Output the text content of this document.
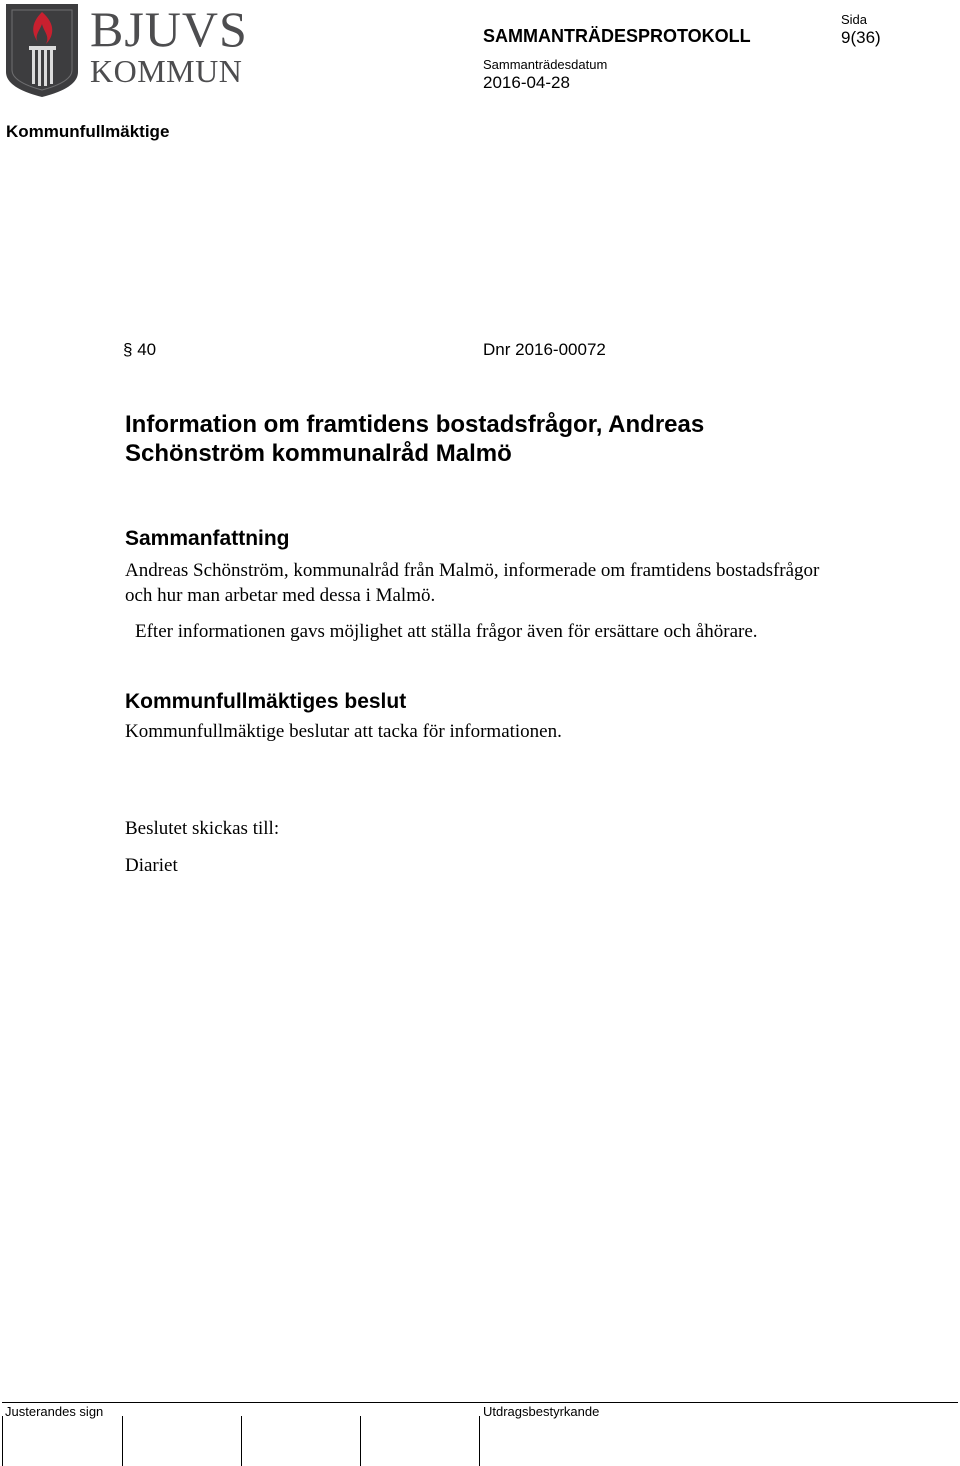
BJUVS
KOMMUN
SAMMANTRÄDESPROTOKOLL
Sammanträdesdatum
2016-04-28
Sida
9(36)
Kommunfullmäktige
§ 40	Dnr 2016-00072
Information om framtidens bostadsfrågor, Andreas Schönström kommunalråd Malmö
Sammanfattning
Andreas Schönström, kommunalråd från Malmö, informerade om framtidens bostadsfrågor och hur man arbetar med dessa i Malmö.
Efter informationen gavs möjlighet att ställa frågor även för ersättare och åhörare.
Kommunfullmäktiges beslut
Kommunfullmäktige beslutar att tacka för informationen.
Beslutet skickas till:
Diariet
Justerandes sign	Utdragsbestyrkande
